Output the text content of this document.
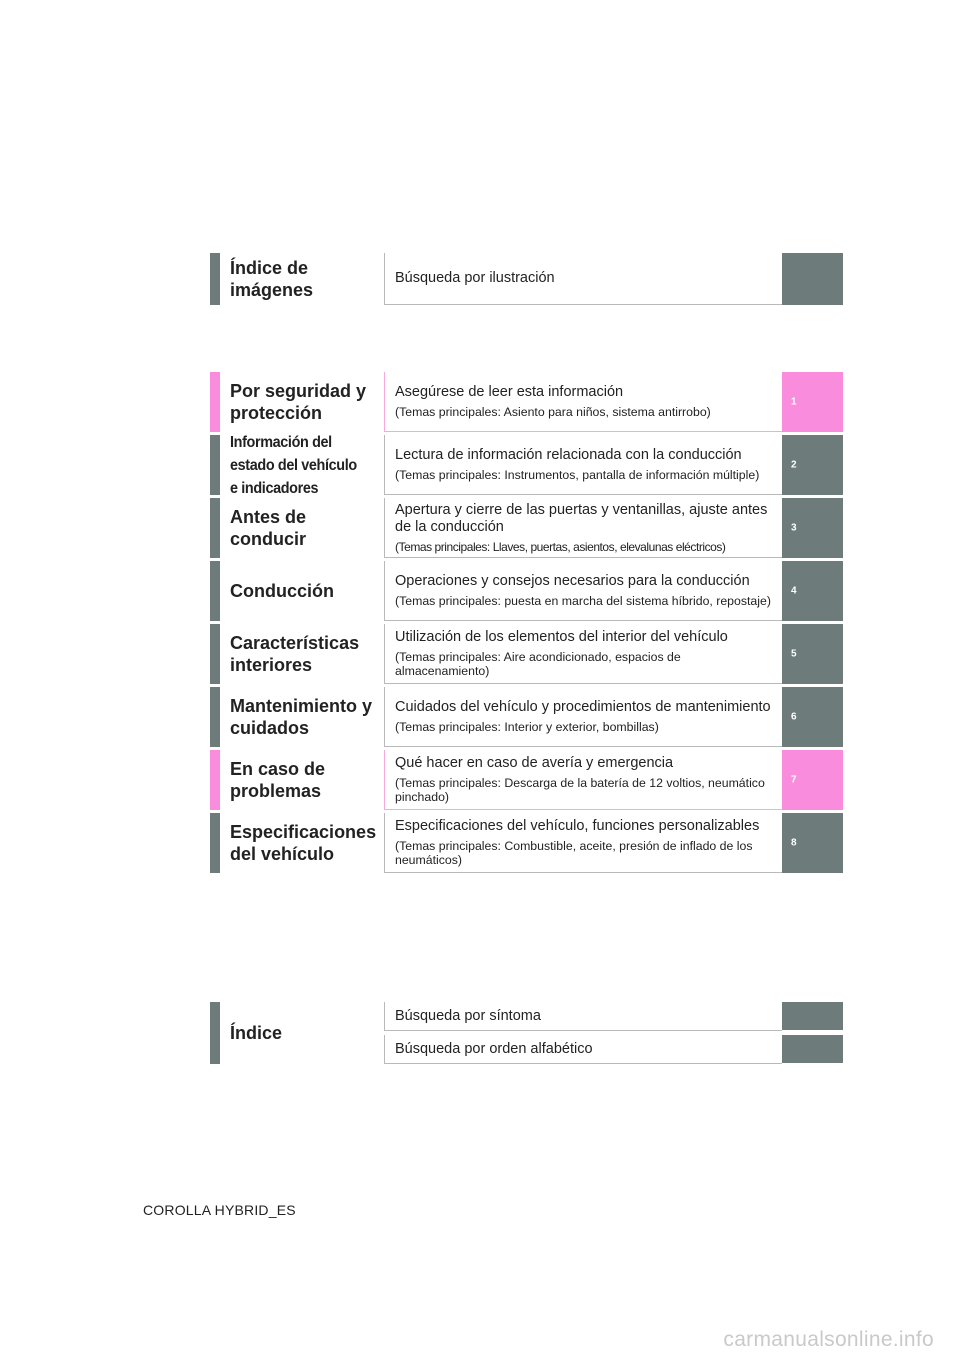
Índice de
imágenes
Búsqueda por ilustración
Por seguridad y
protección
Asegúrese de leer esta información
(Temas principales: Asiento para niños, sistema antirrobo)
1
Información del
estado del vehículo
e indicadores
Lectura de información relacionada con la conducción
(Temas principales: Instrumentos, pantalla de información múltiple)
2
Antes de
conducir
Apertura y cierre de las puertas y ventanillas, ajuste antes de la conducción
(Temas principales: Llaves, puertas, asientos, elevalunas eléctricos)
3
Conducción	Operaciones y consejos necesarios para la conducción
(Temas principales: puesta en marcha del sistema híbrido, repostaje)
4
Características
interiores
Utilización de los elementos del interior del vehículo
(Temas principales: Aire acondicionado, espacios de almacenamiento)
5
Mantenimiento y
cuidados
Cuidados del vehículo y procedimientos de mantenimiento
(Temas principales: Interior y exterior, bombillas)
6
En caso de
problemas
Qué hacer en caso de avería y emergencia
(Temas principales: Descarga de la batería de 12 voltios, neumático pinchado)
7
Especificaciones
del vehículo
Especificaciones del vehículo, funciones personalizables
(Temas principales: Combustible, aceite, presión de inflado de los neumáticos)
8
Índice
Búsqueda por síntoma
Búsqueda por orden alfabético
COROLLA HYBRID_ES
carmanualsonline.info
